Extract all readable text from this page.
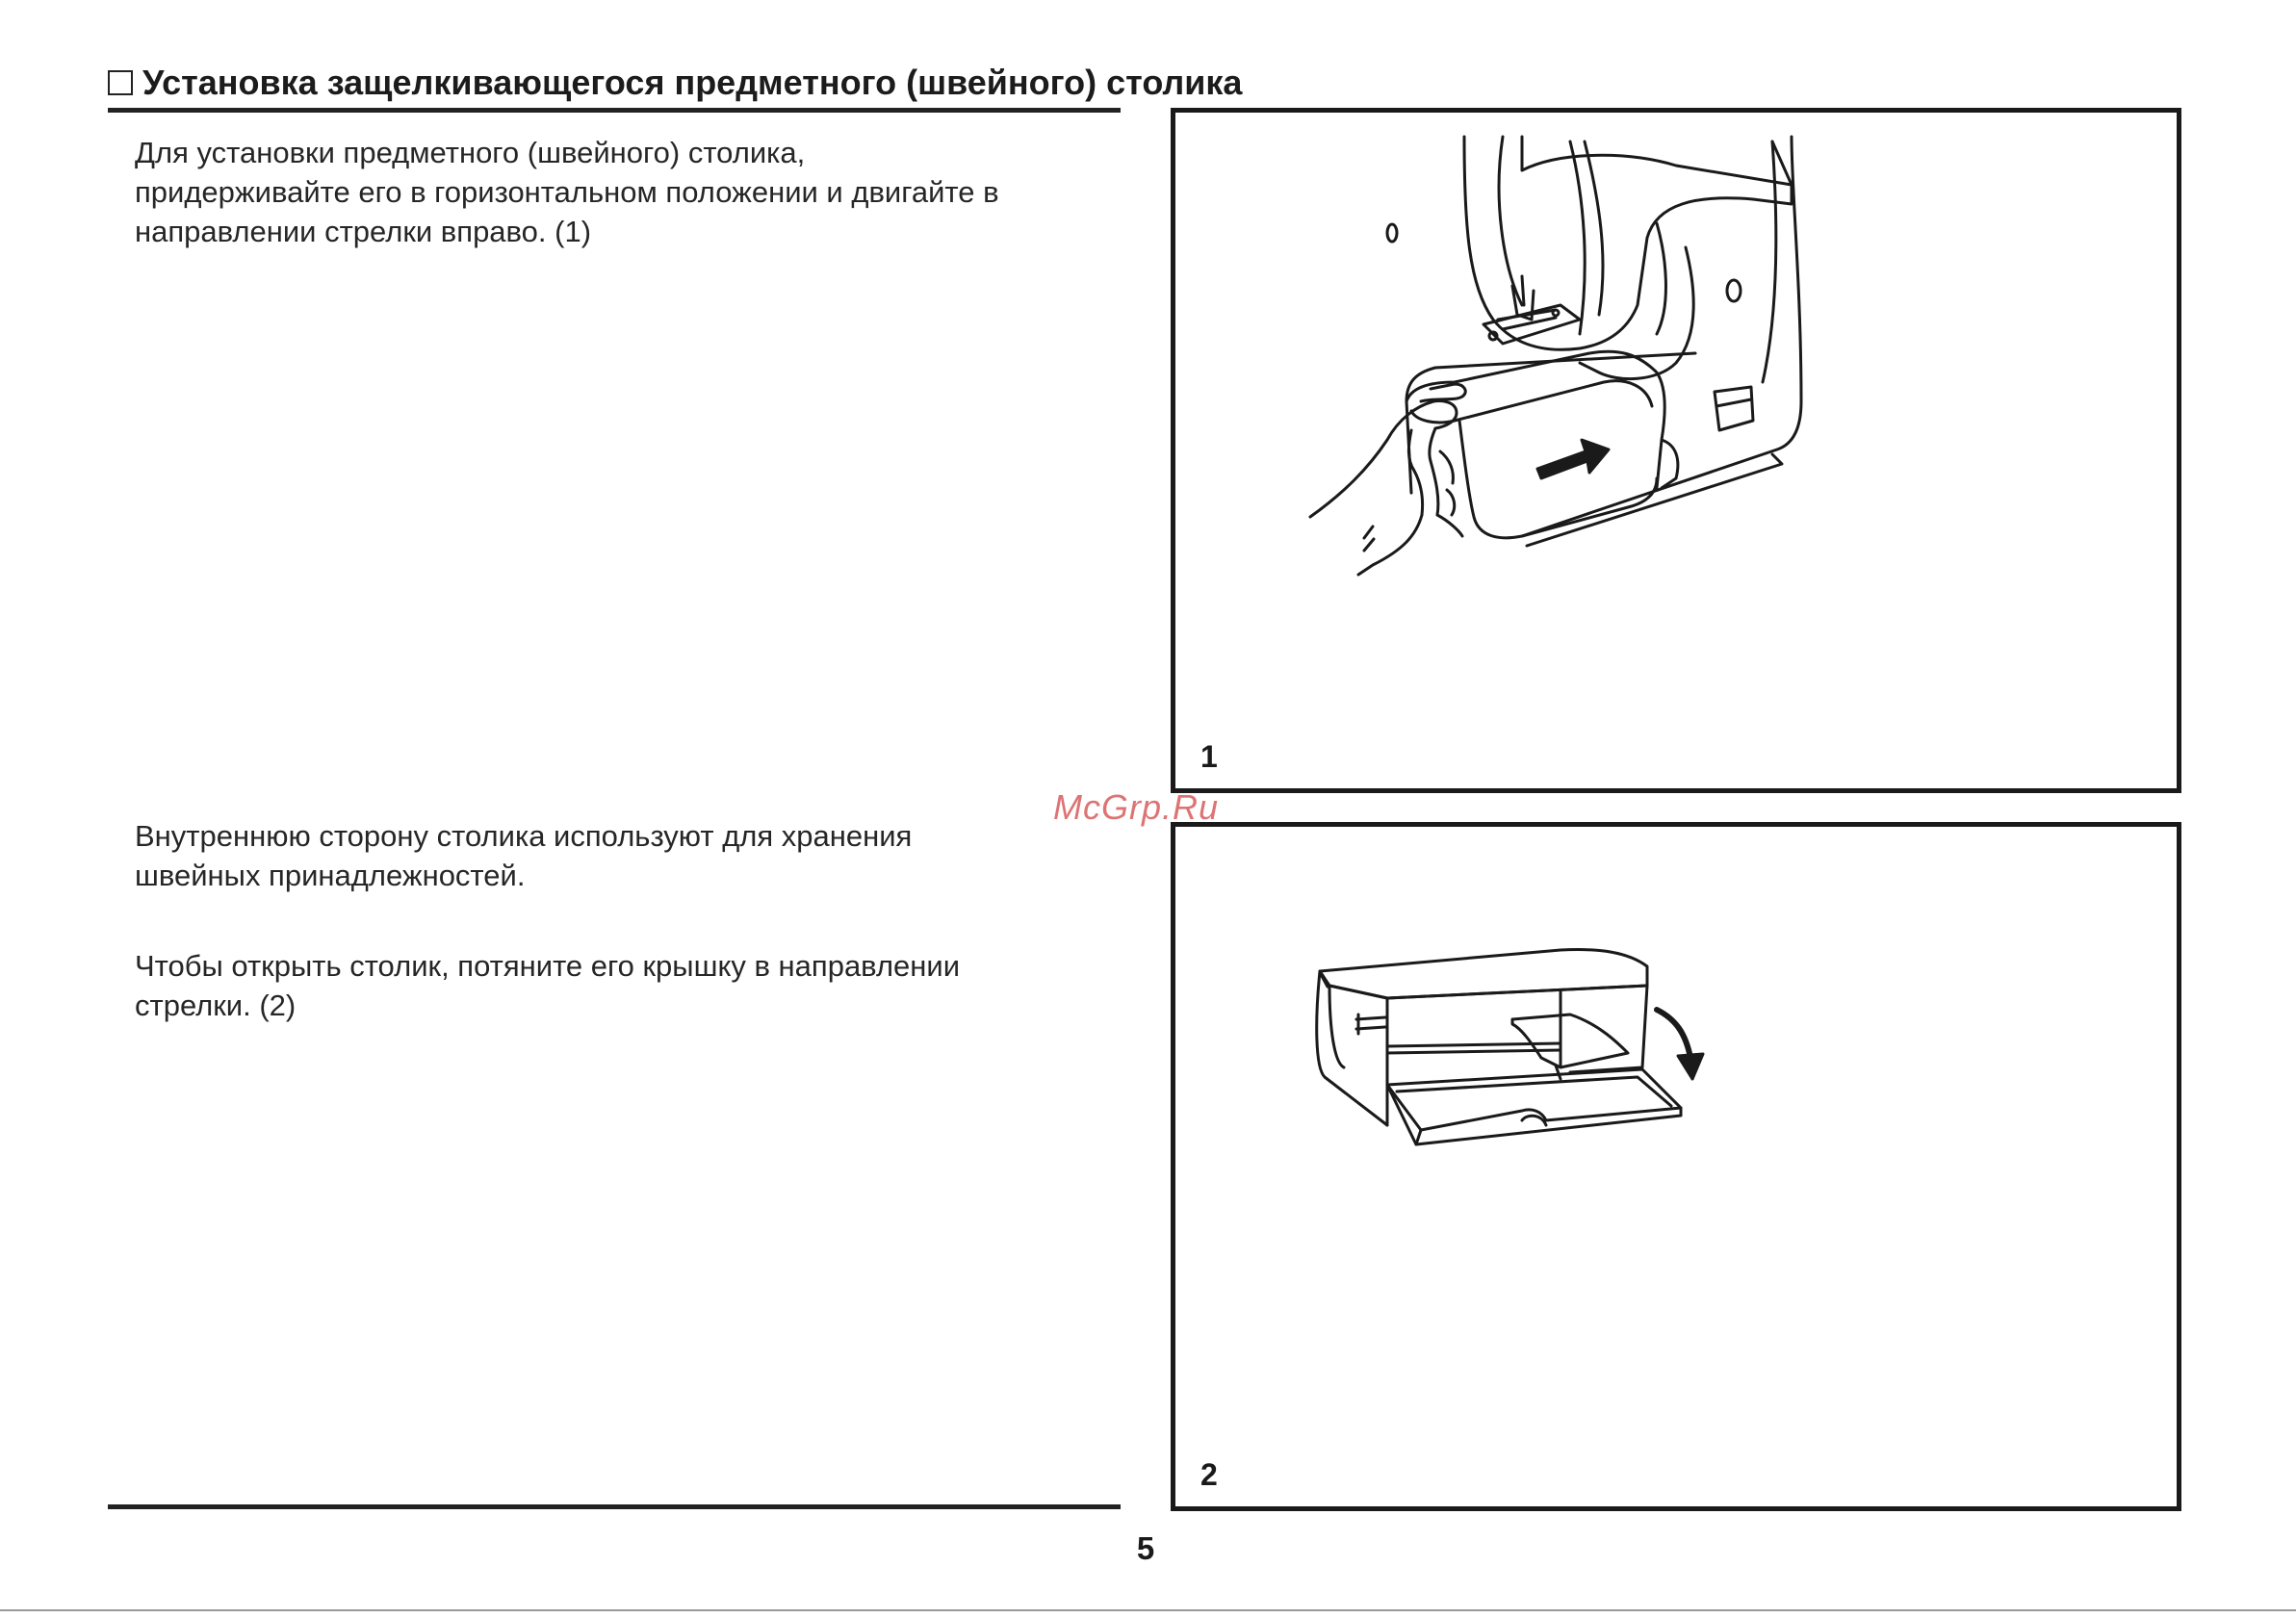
Установка защелкивающегося предметного (швейного) столика

Для установки предметного (швейного) столика,

придерживайте его в горизонтальном положении и двигайте в

направлении стрелки вправо. (1)

Внутреннюю сторону столика используют для хранения

швейных принадлежностей.

Чтобы открыть столик, потяните его крышку в направлении

стрелки. (2)

1
2
McGrp.Ru
5
